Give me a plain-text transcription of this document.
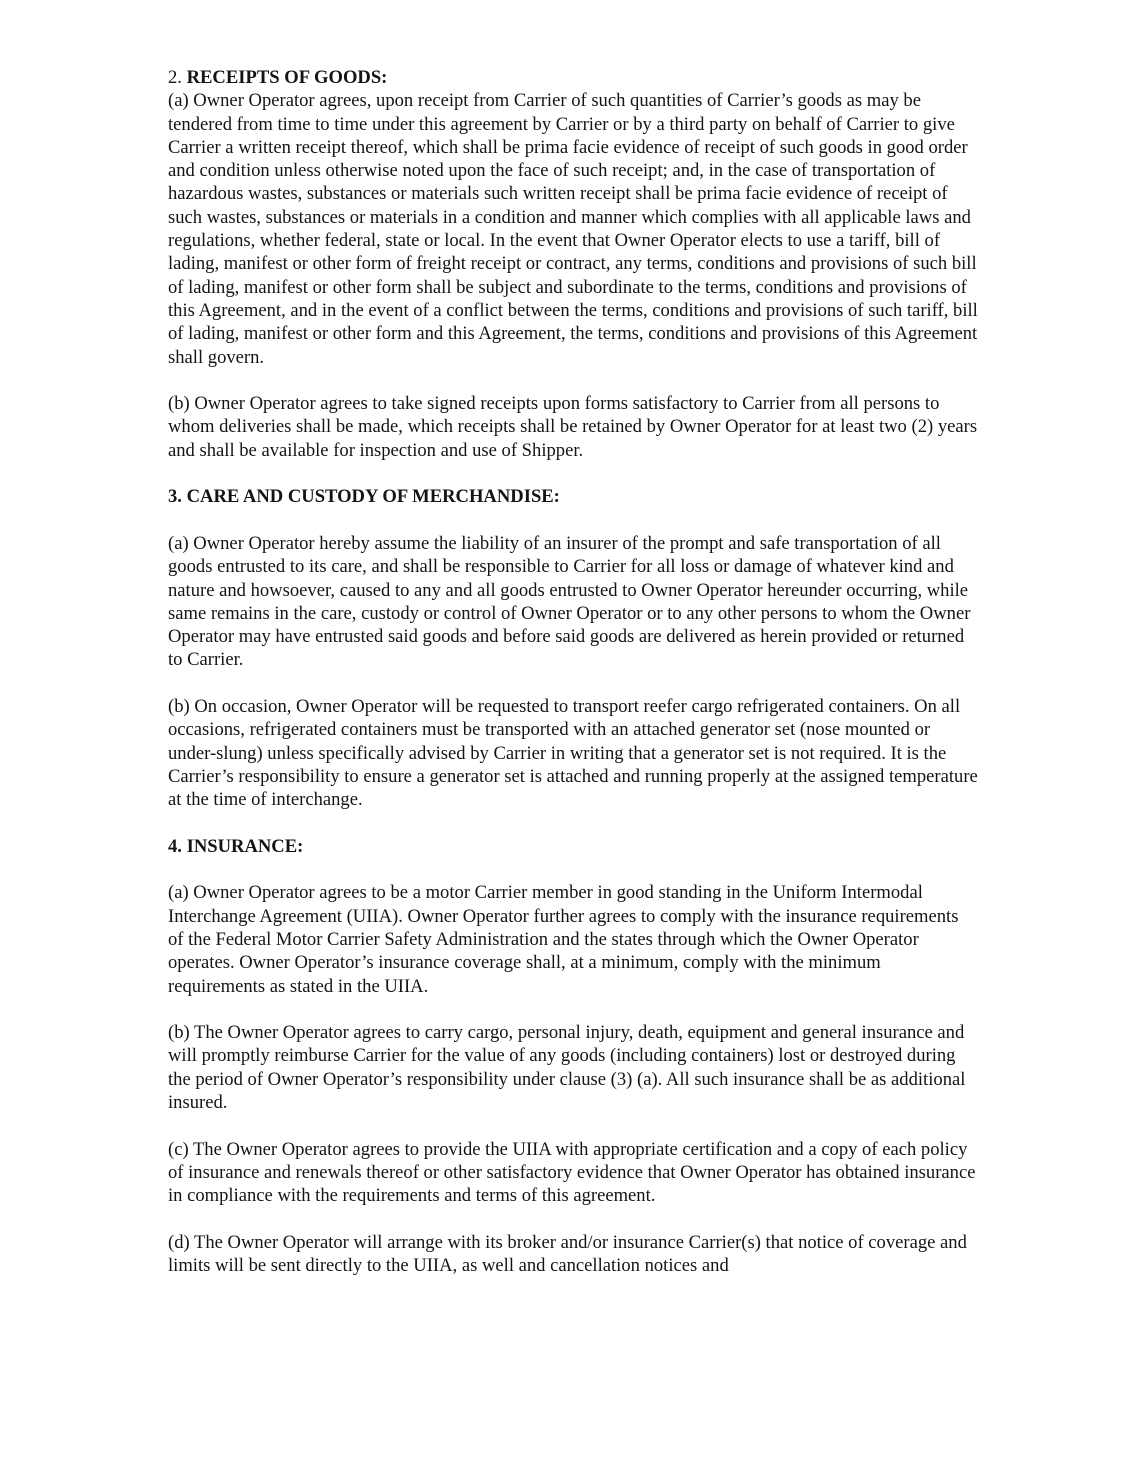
2. RECEIPTS OF GOODS:

(a) Owner Operator agrees, upon receipt from Carrier of such quantities of Carrier’s goods as may be tendered from time to time under this agreement by Carrier or by a third party on behalf of Carrier to give Carrier a written receipt thereof, which shall be prima facie evidence of receipt of such goods in good order and condition unless otherwise noted upon the face of such receipt; and, in the case of transportation of hazardous wastes, substances or materials such written receipt shall be prima facie evidence of receipt of such wastes, substances or materials in a condition and manner which complies with all applicable laws and regulations, whether federal, state or local. In the event that Owner Operator elects to use a tariff, bill of lading, manifest or other form of freight receipt or contract, any terms, conditions and provisions of such bill of lading, manifest or other form shall be subject and subordinate to the terms, conditions and provisions of this Agreement, and in the event of a conflict between the terms, conditions and provisions of such tariff, bill of lading, manifest or other form and this Agreement, the terms, conditions and provisions of this Agreement shall govern.

(b) Owner Operator agrees to take signed receipts upon forms satisfactory to Carrier from all persons to whom deliveries shall be made, which receipts shall be retained by Owner Operator for at least two (2) years and shall be available for inspection and use of Shipper.

3. CARE AND CUSTODY OF MERCHANDISE:

(a) Owner Operator hereby assume the liability of an insurer of the prompt and safe transportation of all goods entrusted to its care, and shall be responsible to Carrier for all loss or damage of whatever kind and nature and howsoever, caused to any and all goods entrusted to Owner Operator hereunder occurring, while same remains in the care, custody or control of Owner Operator or to any other persons to whom the Owner Operator may have entrusted said goods and before said goods are delivered as herein provided or returned to Carrier.

(b) On occasion, Owner Operator will be requested to transport reefer cargo refrigerated containers. On all occasions, refrigerated containers must be transported with an attached generator set (nose mounted or under-slung) unless specifically advised by Carrier in writing that a generator set is not required. It is the Carrier’s responsibility to ensure a generator set is attached and running properly at the assigned temperature at the time of interchange.

4. INSURANCE:

(a) Owner Operator agrees to be a motor Carrier member in good standing in the Uniform Intermodal Interchange Agreement (UIIA). Owner Operator further agrees to comply with the insurance requirements of the Federal Motor Carrier Safety Administration and the states through which the Owner Operator operates. Owner Operator’s insurance coverage shall, at a minimum, comply with the minimum requirements as stated in the UIIA.

(b) The Owner Operator agrees to carry cargo, personal injury, death, equipment and general insurance and will promptly reimburse Carrier for the value of any goods (including containers) lost or destroyed during the period of Owner Operator’s responsibility under clause (3) (a). All such insurance shall be as additional insured.

(c) The Owner Operator agrees to provide the UIIA with appropriate certification and a copy of each policy of insurance and renewals thereof or other satisfactory evidence that Owner Operator has obtained insurance in compliance with the requirements and terms of this agreement.

(d) The Owner Operator will arrange with its broker and/or insurance Carrier(s) that notice of coverage and limits will be sent directly to the UIIA, as well and cancellation notices and
